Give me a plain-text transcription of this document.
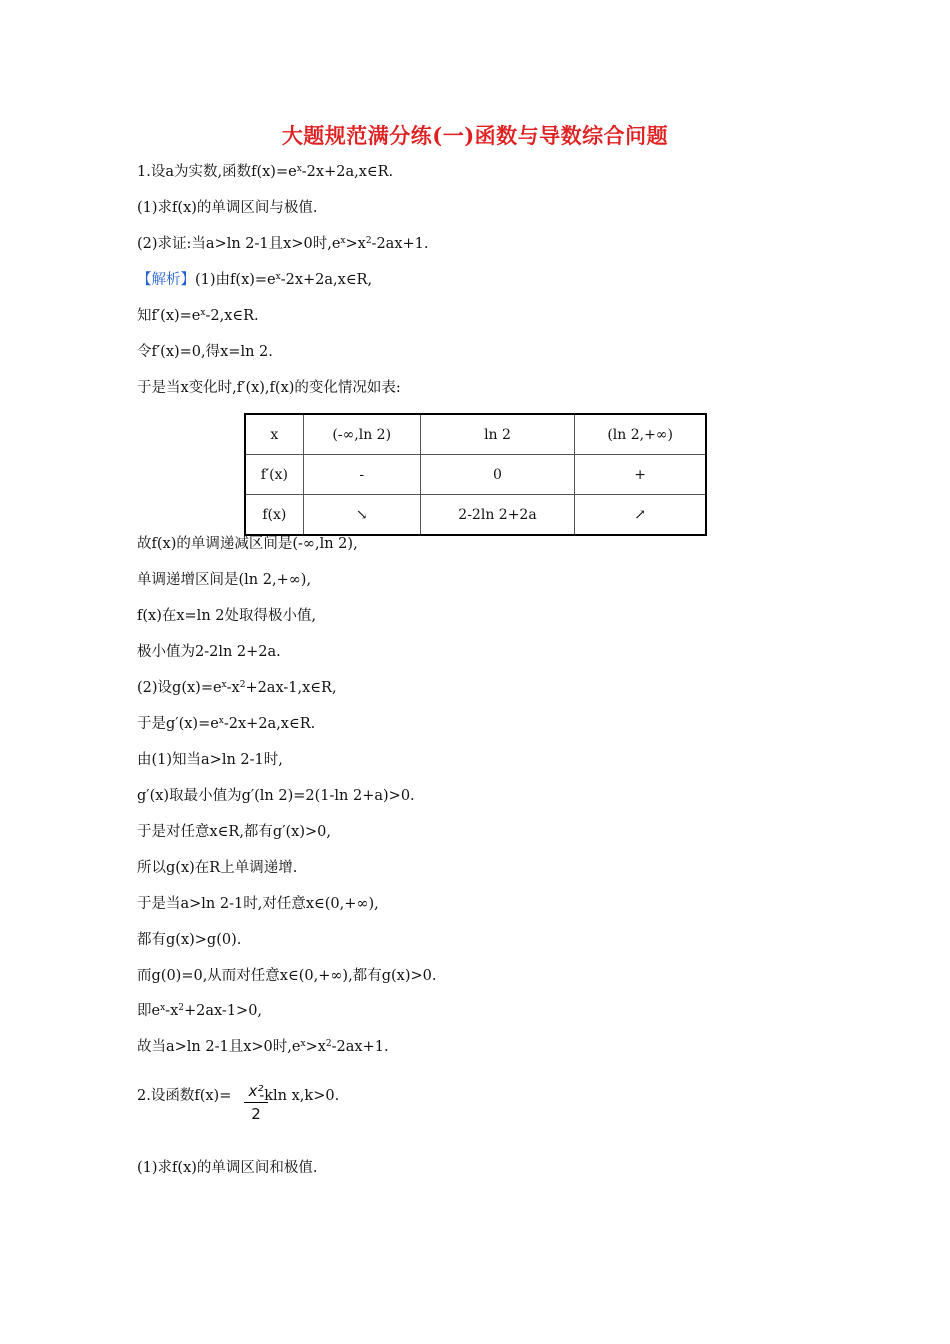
大题规范满分练(一)函数与导数综合问题
1.设a为实数,函数$f(x)=e^x-2x+2a,x\in R$.
(1)求f(x)的单调区间与极值.
(2)求证:当a>ln 2-1且x>0时$,e^x>x^2-2ax+1$.
【解析】(1)由$f(x)=e^x-2x+2a,x\in R$,
知$f'(x)=e^x-2,x\in R$.
令f′(x)=0,得x=ln 2.
于是当x变化时,f′(x),f(x)的变化情况如表:
x	(-∞,ln 2)	ln 2	(ln 2,+∞)
f′(x)	-	0	+
f(x)	↘	2-2ln 2+2a	↗
故f(x)的单调递减区间是(-∞,ln 2),
单调递增区间是(ln 2,+∞),
f(x)在x=ln 2处取得极小值,
极小值为2-2ln 2+2a.
(2)设$g(x)=e^x-x^2+2ax-1,x\in R$,
于是$g'(x)=e^x-2x+2a,x\in R$.
由(1)知当a>ln 2-1时,
g′(x)取最小值为g′(ln 2)=2(1-ln 2+a)>0.
于是对任意x∈R,都有g′(x)>0,
所以g(x)在R上单调递增.
于是当a>ln 2-1时,对任意x∈(0,+∞),
都有g(x)>g(0).
而g(0)=0,从而对任意x∈(0,+∞),都有g(x)>0.
即$e^x-x^2+2ax-1>0$,
故当a>ln 2-1且x>0时$,e^x>x^2-2ax+1$.
2.设函数f(x)= -kln x,k>0.
$\frac{\text{x²}}{2}$
(1)求f(x)的单调区间和极值.
